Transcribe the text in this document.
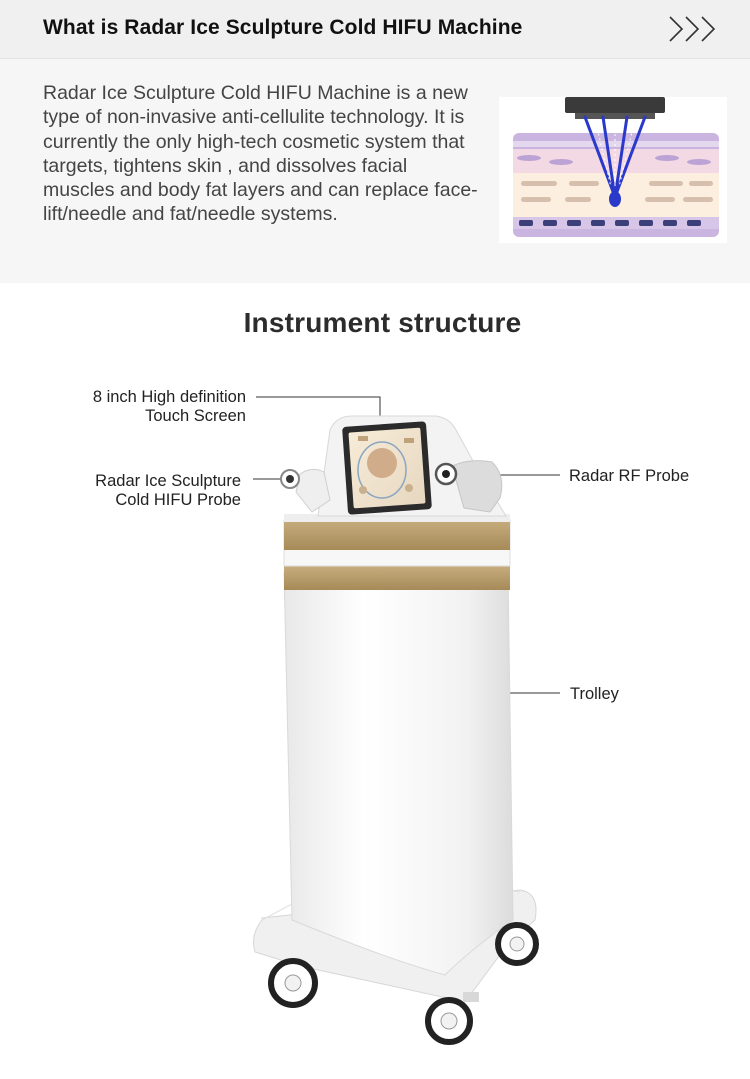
What is Radar Ice Sculpture Cold HIFU Machine
Radar Ice Sculpture Cold HIFU Machine is a new type of non-invasive anti-cellulite technology. It is currently the only high-tech cosmetic system that targets, tightens skin , and dissolves facial muscles and body fat layers and can replace face-lift/needle and fat/needle systems.
Instrument structure
8 inch High definition
Touch Screen
Radar Ice Sculpture
Cold HIFU Probe
Radar RF Probe
Trolley
